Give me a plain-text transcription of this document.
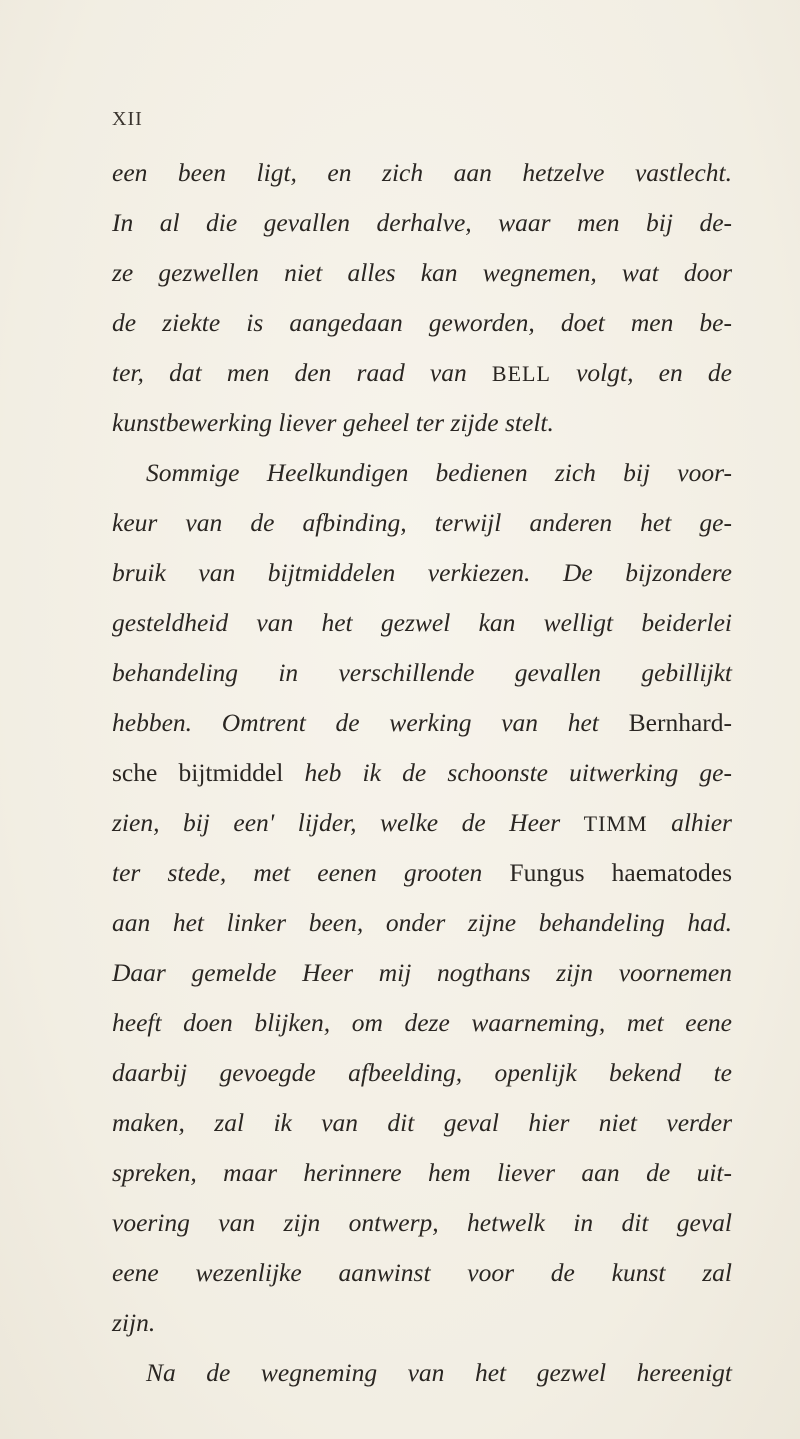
XII
een been ligt, en zich aan hetzelve vastlecht.
In al die gevallen derhalve, waar men bij de-
ze gezwellen niet alles kan wegnemen, wat door
de ziekte is aangedaan geworden, doet men be-
ter, dat men den raad van BELL volgt, en de
kunstbewerking liever geheel ter zijde stelt.
Sommige Heelkundigen bedienen zich bij voor-
keur van de afbinding, terwijl anderen het ge-
bruik van bijtmiddelen verkiezen. De bijzondere
gesteldheid van het gezwel kan welligt beiderlei
behandeling in verschillende gevallen gebillijkt
hebben. Omtrent de werking van het Bernhard-
sche bijtmiddel heb ik de schoonste uitwerking ge-
zien, bij een' lijder, welke de Heer TIMM alhier
ter stede, met eenen grooten Fungus haematodes
aan het linker been, onder zijne behandeling had.
Daar gemelde Heer mij nogthans zijn voornemen
heeft doen blijken, om deze waarneming, met eene
daarbij gevoegde afbeelding, openlijk bekend te
maken, zal ik van dit geval hier niet verder
spreken, maar herinnere hem liever aan de uit-
voering van zijn ontwerp, hetwelk in dit geval
eene wezenlijke aanwinst voor de kunst zal
zijn.
Na de wegneming van het gezwel hereenigt
